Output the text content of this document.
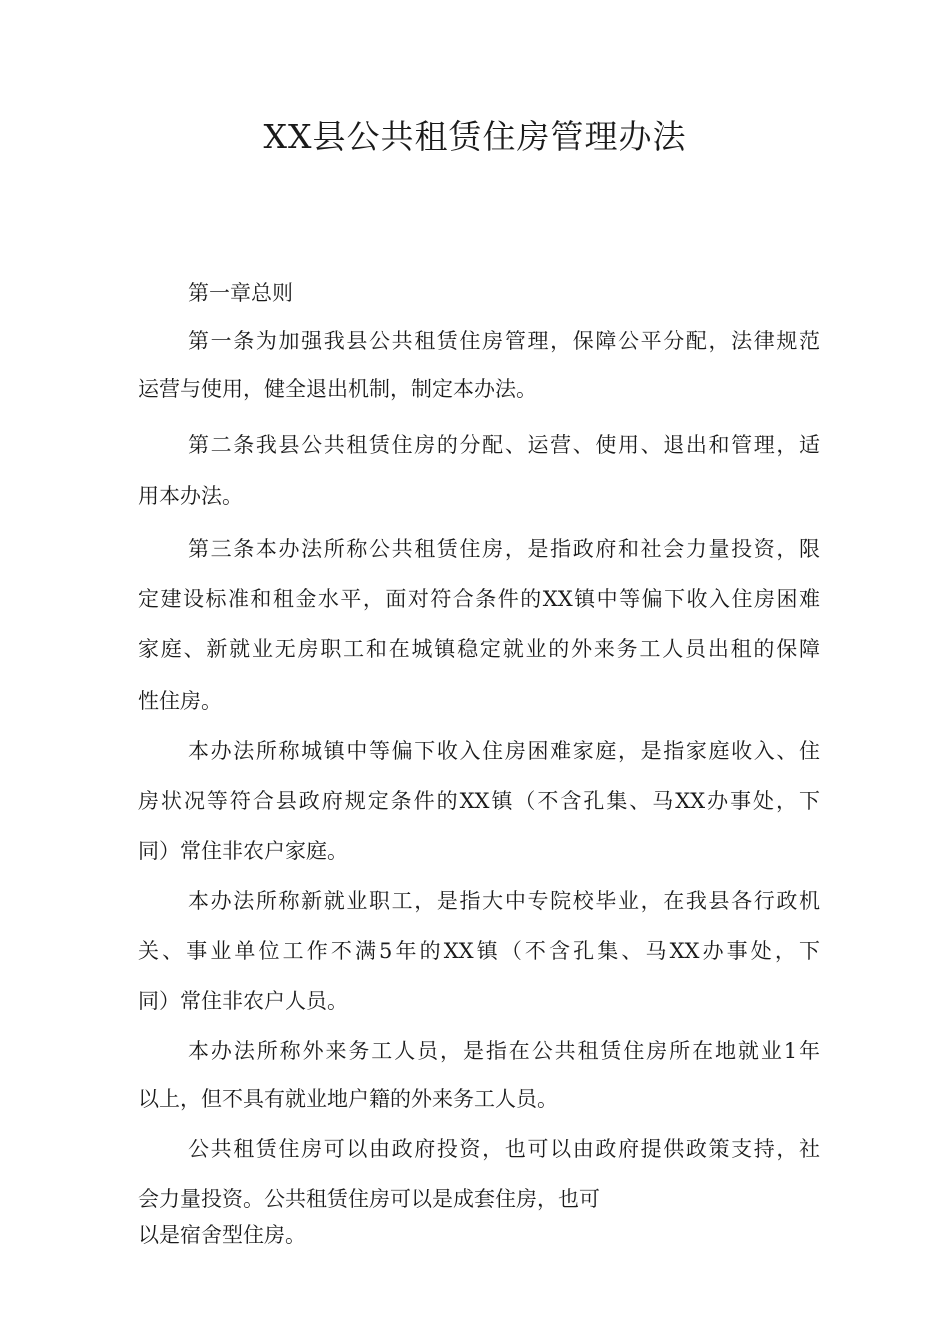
XX县公共租赁住房管理办法

第一章总则

第一条为加强我县公共租赁住房管理，保障公平分配，法律规范

运营与使用，健全退出机制，制定本办法。

第二条我县公共租赁住房的分配、运营、使用、退出和管理，适

用本办法。

第三条本办法所称公共租赁住房，是指政府和社会力量投资，限

定建设标准和租金水平，面对符合条件的XX镇中等偏下收入住房困难

家庭、新就业无房职工和在城镇稳定就业的外来务工人员出租的保障

性住房。

本办法所称城镇中等偏下收入住房困难家庭，是指家庭收入、住

房状况等符合县政府规定条件的XX镇（不含孔集、马XX办事处，下

同）常住非农户家庭。

本办法所称新就业职工，是指大中专院校毕业，在我县各行政机

关、事业单位工作不满5年的XX镇（不含孔集、马XX办事处，下

同）常住非农户人员。

本办法所称外来务工人员，是指在公共租赁住房所在地就业1年

以上，但不具有就业地户籍的外来务工人员。

公共租赁住房可以由政府投资，也可以由政府提供政策支持，社

会力量投资。公共租赁住房可以是成套住房，也可

以是宿舍型住房。
